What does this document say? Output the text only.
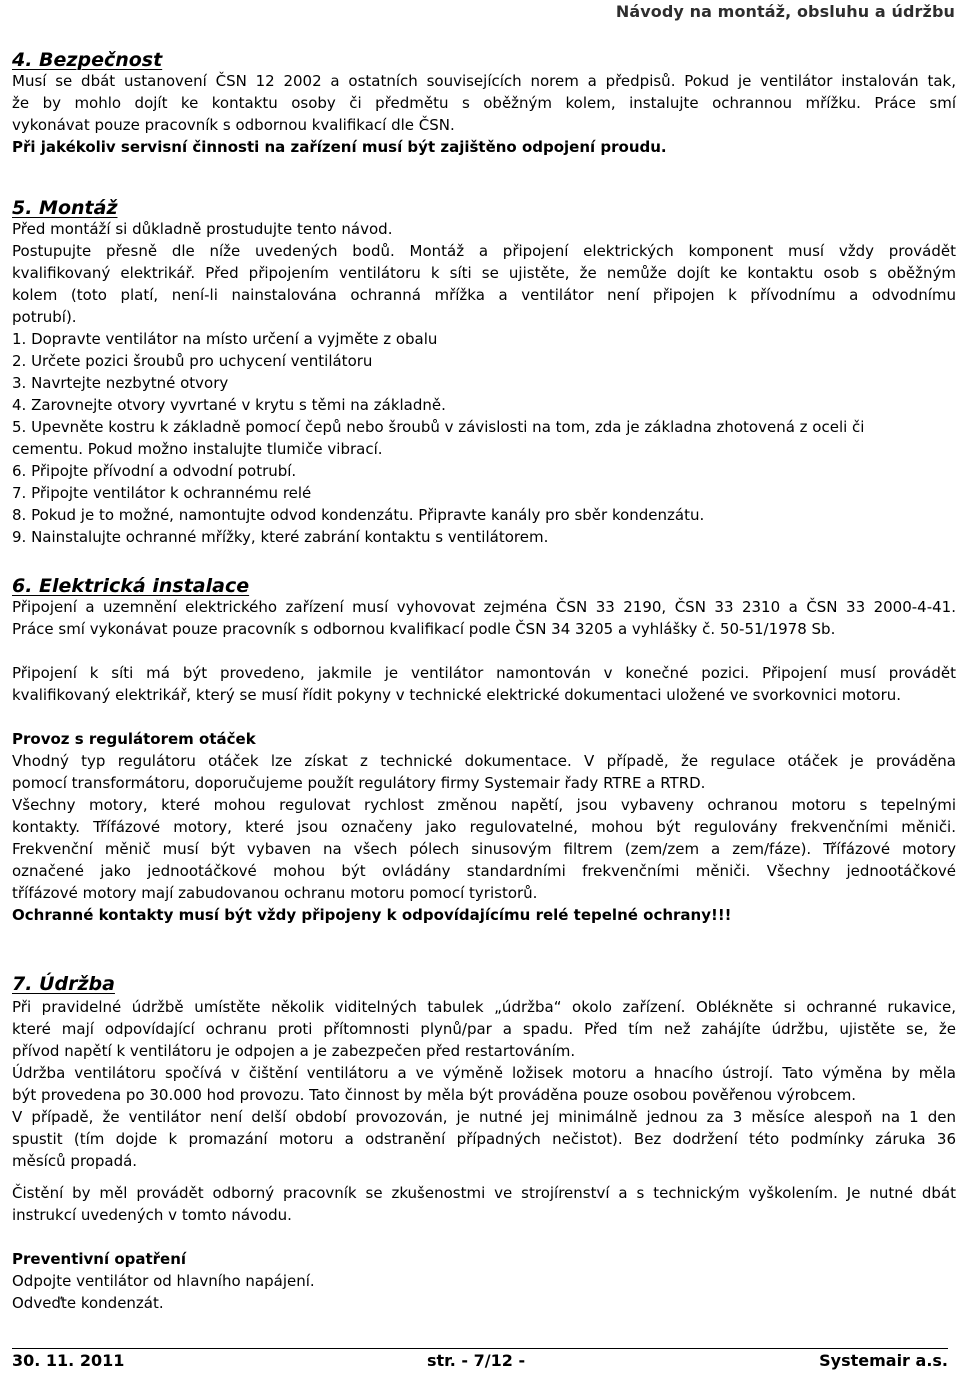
Návody na montáž, obsluhu a údržbu
4. Bezpečnost

Musí se dbát ustanovení ČSN 12 2002 a ostatních souvisejících norem a předpisů. Pokud je ventilátor instalován tak,

že by mohlo dojít ke kontaktu osoby či předmětu s oběžným kolem, instalujte ochrannou mřížku. Práce smí

vykonávat pouze pracovník s odbornou kvalifikací dle ČSN.

Při jakékoliv servisní činnosti na zařízení musí být zajištěno odpojení proudu.

5. Montáž

Před montáží si důkladně prostudujte tento návod.

Postupujte přesně dle níže uvedených bodů. Montáž a připojení elektrických komponent musí vždy provádět

kvalifikovaný elektrikář. Před připojením ventilátoru k síti se ujistěte, že nemůže dojít ke kontaktu osob s oběžným

kolem (toto platí, není-li nainstalována ochranná mřížka a ventilátor není připojen k přívodnímu a odvodnímu

potrubí).

1. Dopravte ventilátor na místo určení a vyjměte z obalu

2. Určete pozici šroubů pro uchycení ventilátoru

3. Navrtejte nezbytné otvory

4. Zarovnejte otvory vyvrtané v krytu s těmi na základně.

5. Upevněte kostru k základně pomocí čepů nebo šroubů v závislosti na tom, zda je základna zhotovená z oceli či

cementu. Pokud možno instalujte tlumiče vibrací.

6. Připojte přívodní a odvodní potrubí.

7. Připojte ventilátor k ochrannému relé

8. Pokud je to možné, namontujte odvod kondenzátu. Připravte kanály pro sběr kondenzátu.

9. Nainstalujte ochranné mřížky, které zabrání kontaktu s ventilátorem.

6. Elektrická instalace

Připojení a uzemnění elektrického zařízení musí vyhovovat zejména ČSN 33 2190, ČSN 33 2310 a ČSN 33 2000-4-41.

Práce smí vykonávat pouze pracovník s odbornou kvalifikací podle ČSN 34 3205 a vyhlášky č. 50-51/1978 Sb.

Připojení k síti má být provedeno, jakmile je ventilátor namontován v konečné pozici. Připojení musí provádět

kvalifikovaný elektrikář, který se musí řídit pokyny v technické elektrické dokumentaci uložené ve svorkovnici motoru.

Provoz s regulátorem otáček

Vhodný typ regulátoru otáček lze získat z technické dokumentace. V případě, že regulace otáček je prováděna

pomocí transformátoru, doporučujeme použít regulátory firmy Systemair řady RTRE a RTRD.

Všechny motory, které mohou regulovat rychlost změnou napětí, jsou vybaveny ochranou motoru s tepelnými

kontakty. Třífázové motory, které jsou označeny jako regulovatelné, mohou být regulovány frekvenčními měniči.

Frekvenční měnič musí být vybaven na všech pólech sinusovým filtrem (zem/zem a zem/fáze). Třífázové motory

označené jako jednootáčkové mohou být ovládány standardními frekvenčními měniči. Všechny jednootáčkové

třífázové motory mají zabudovanou ochranu motoru pomocí tyristorů.

Ochranné kontakty musí být vždy připojeny k odpovídajícímu relé tepelné ochrany!!!

7. Údržba

Při pravidelné údržbě umístěte několik viditelných tabulek „údržba“ okolo zařízení. Oblékněte si ochranné rukavice,

které mají odpovídající ochranu proti přítomnosti plynů/par a spadu. Před tím než zahájíte údržbu, ujistěte se, že

přívod napětí k ventilátoru je odpojen a je zabezpečen před restartováním.

Údržba ventilátoru spočívá v čištění ventilátoru a ve výměně ložisek motoru a hnacího ústrojí. Tato výměna by měla

být provedena po 30.000 hod provozu. Tato činnost by měla být prováděna pouze osobou pověřenou výrobcem.

V případě, že ventilátor není delší období provozován, je nutné jej minimálně jednou za 3 měsíce alespoň na 1 den

spustit (tím dojde k promazání motoru a odstranění případných nečistot). Bez dodržení této podmínky záruka 36

měsíců propadá.

Čistění by měl provádět odborný pracovník se zkušenostmi ve strojírenství a s technickým vyškolením. Je nutné dbát

instrukcí uvedených v tomto návodu.

Preventivní opatření

Odpojte ventilátor od hlavního napájení.

Odveďte kondenzát.

30. 11. 2011	str. - 7/12 -	Systemair a.s.
